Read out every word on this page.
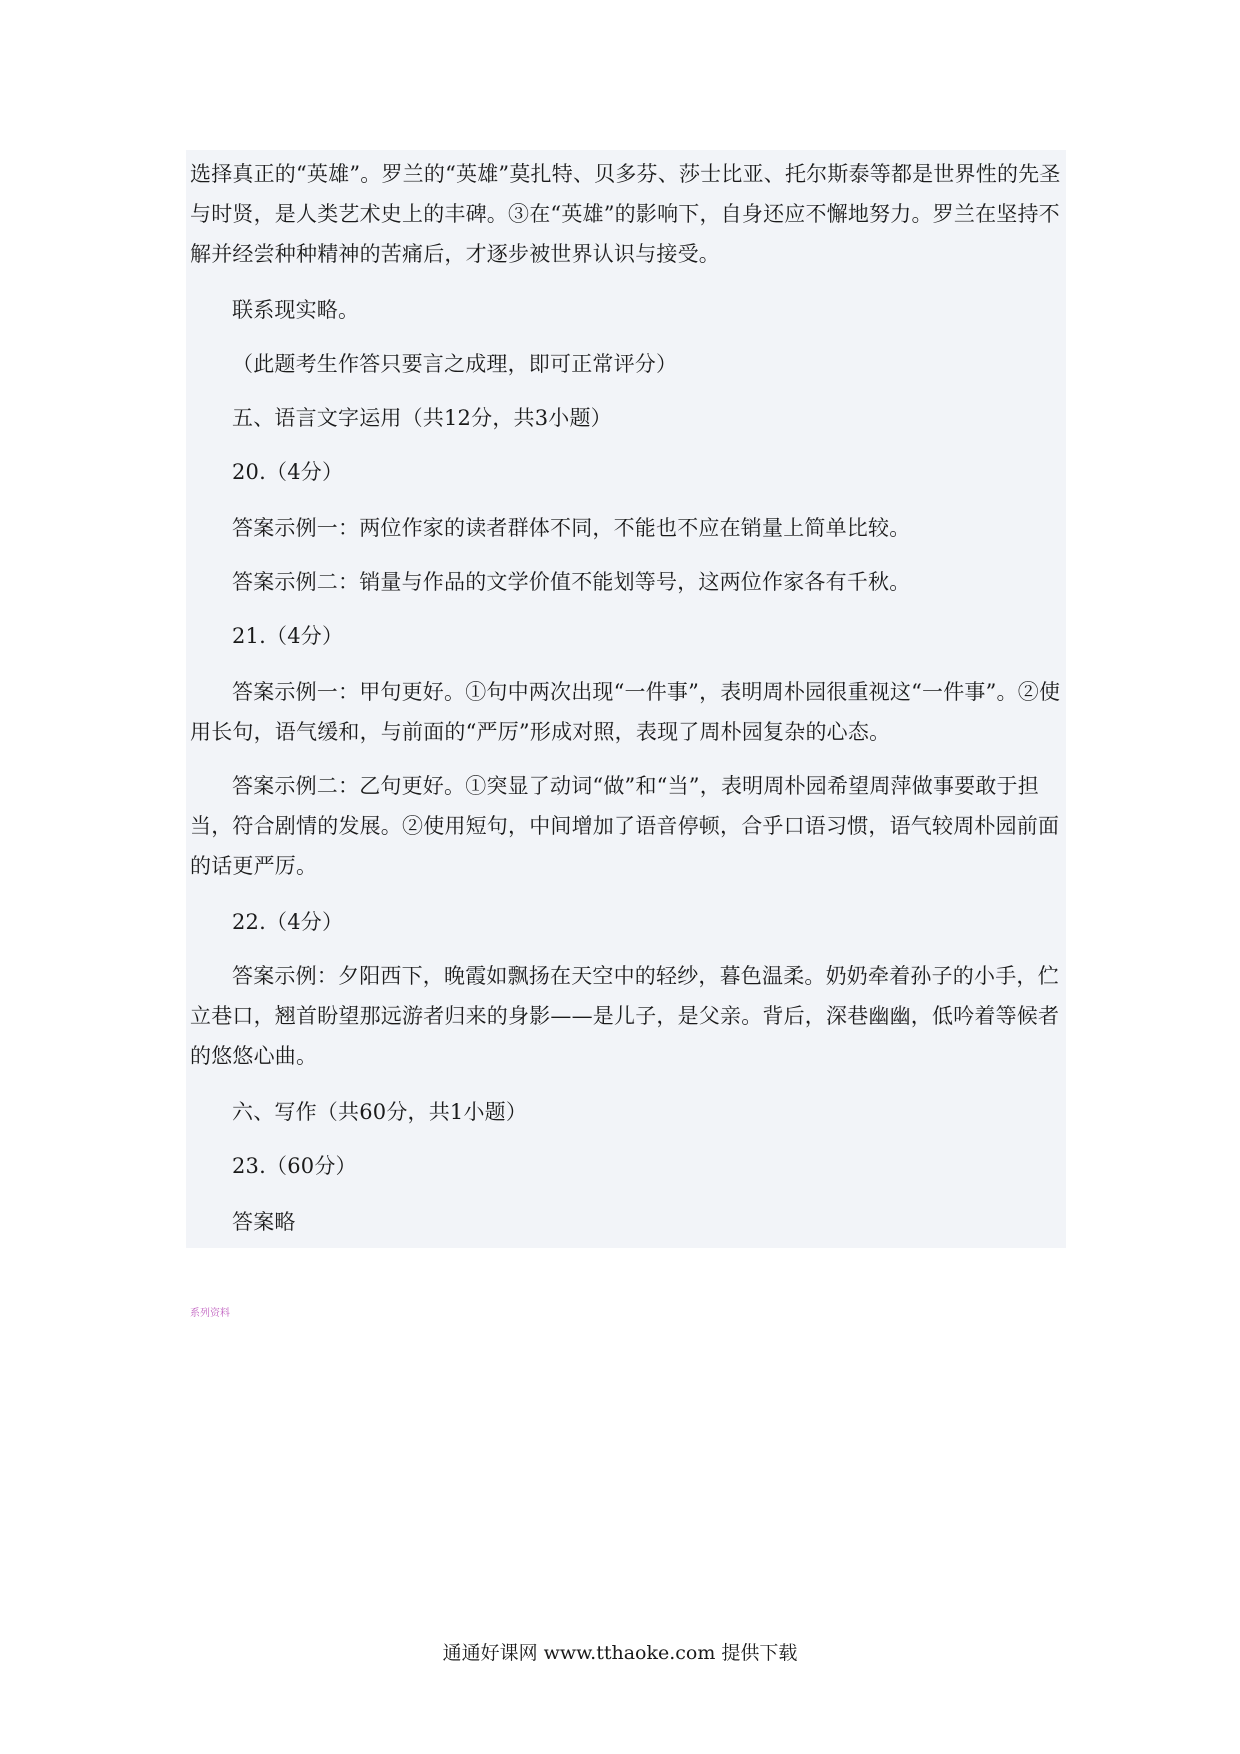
选择真正的“英雄”。罗兰的“英雄”莫扎特、贝多芬、莎士比亚、托尔斯泰等都是世界性的先圣与时贤，是人类艺术史上的丰碑。③在“英雄”的影响下，自身还应不懈地努力。罗兰在坚持不解并经尝种种精神的苦痛后，才逐步被世界认识与接受。

联系现实略。

（此题考生作答只要言之成理，即可正常评分）

五、语言文字运用（共12分，共3小题）

20.（4分）

答案示例一：两位作家的读者群体不同，不能也不应在销量上简单比较。

答案示例二：销量与作品的文学价值不能划等号，这两位作家各有千秋。

21.（4分）

答案示例一：甲句更好。①句中两次出现“一件事”，表明周朴园很重视这“一件事”。②使用长句，语气缓和，与前面的“严厉”形成对照，表现了周朴园复杂的心态。

答案示例二：乙句更好。①突显了动词“做”和“当”，表明周朴园希望周萍做事要敢于担当，符合剧情的发展。②使用短句，中间增加了语音停顿，合乎口语习惯，语气较周朴园前面的话更严厉。

22.（4分）

答案示例：夕阳西下，晚霞如飘扬在天空中的轻纱，暮色温柔。奶奶牵着孙子的小手，伫立巷口，翘首盼望那远游者归来的身影——是儿子，是父亲。背后，深巷幽幽，低吟着等候者的悠悠心曲。

六、写作（共60分，共1小题）

23.（60分）

答案略

系列资料
通通好课网 www.tthaoke.com 提供下载
